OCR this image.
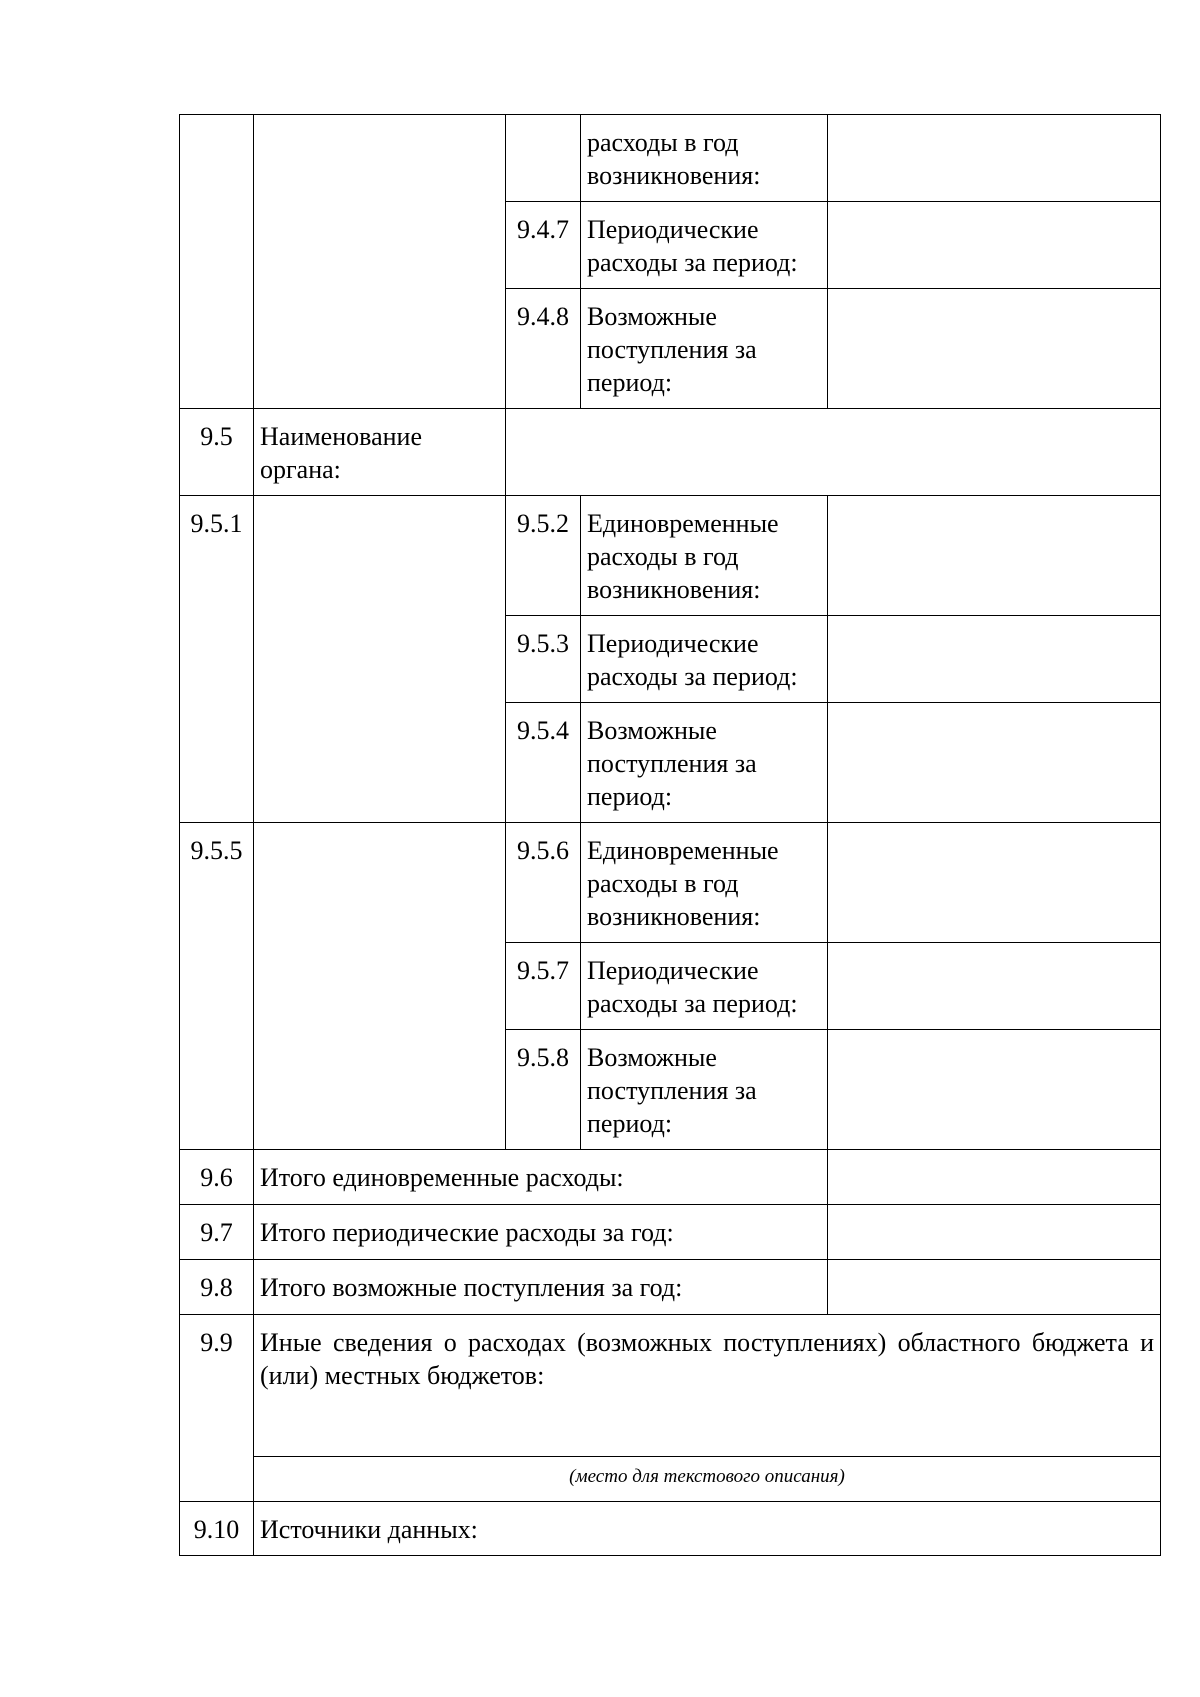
			расходы в год возникновения:	
		9.4.7	Периодические расходы за период:	
		9.4.8	Возможные поступления за период:	
9.5	Наименование органа:			
9.5.1		9.5.2	Единовременные расходы в год возникновения:	
		9.5.3	Периодические расходы за период:	
		9.5.4	Возможные поступления за период:	
9.5.5		9.5.6	Единовременные расходы в год возникновения:	
		9.5.7	Периодические расходы за период:	
		9.5.8	Возможные поступления за период:	
9.6	Итого единовременные расходы:			
9.7	Итого периодические расходы за год:			
9.8	Итого возможные поступления за год:			
9.9	Иные сведения о расходах (возможных поступлениях) областного бюджета и (или) местных бюджетов:			
	(место для текстового описания)			
9.10	Источники данных:			
